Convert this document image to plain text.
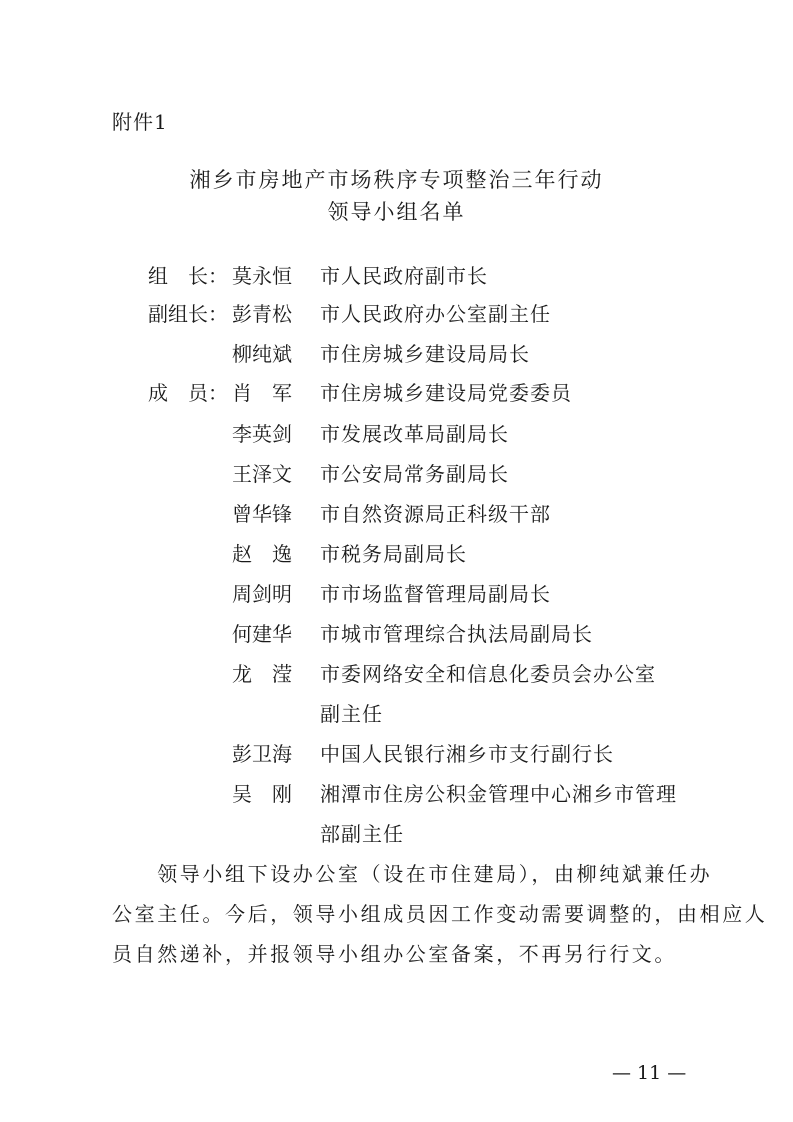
附件1
湘乡市房地产市场秩序专项整治三年行动
领导小组名单
组　长： 莫永恒 市人民政府副市长
副组长： 彭青松 市人民政府办公室副主任
柳纯斌 市住房城乡建设局局长
成　员： 肖　军 市住房城乡建设局党委委员
李英剑 市发展改革局副局长
王泽文 市公安局常务副局长
曾华锋 市自然资源局正科级干部
赵　逸 市税务局副局长
周剑明 市市场监督管理局副局长
何建华 市城市管理综合执法局副局长
龙　滢 市委网络安全和信息化委员会办公室
副主任
彭卫海 中国人民银行湘乡市支行副行长
吴　刚 湘潭市住房公积金管理中心湘乡市管理
部副主任
　　领导小组下设办公室（设在市住建局），由柳纯斌兼任办
公室主任。今后，领导小组成员因工作变动需要调整的，由相应人
员自然递补，并报领导小组办公室备案，不再另行行文。
— 11 —
